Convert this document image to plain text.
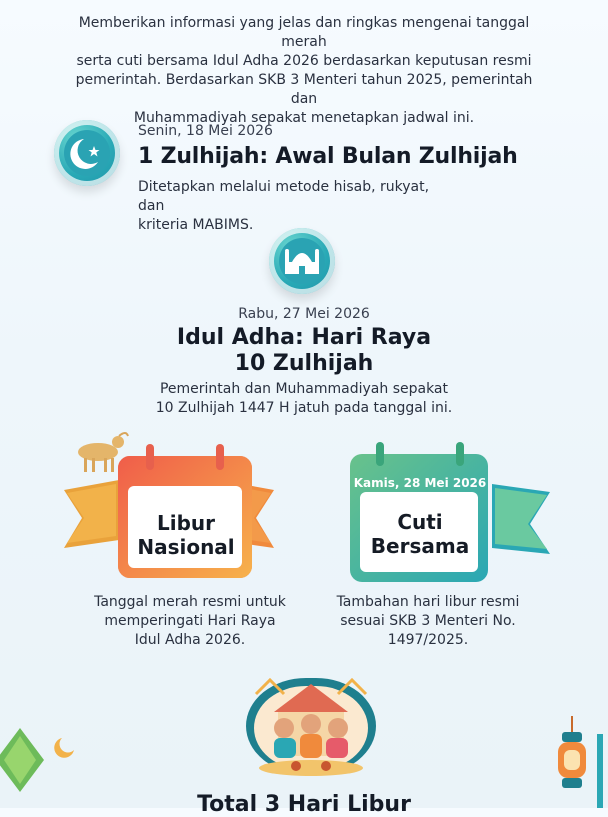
Memberikan informasi yang jelas dan ringkas mengenai tanggal merah
serta cuti bersama Idul Adha 2026 berdasarkan keputusan resmi
pemerintah. Berdasarkan SKB 3 Menteri tahun 2025, pemerintah dan
Muhammadiyah sepakat menetapkan jadwal ini.
Senin, 18 Mei 2026
1 Zulhijah: Awal Bulan Zulhijah
Ditetapkan melalui metode hisab, rukyat, dan
kriteria MABIMS.
Rabu, 27 Mei 2026
Idul Adha: Hari Raya
10 Zulhijah
Pemerintah dan Muhammadiyah sepakat
10 Zulhijah 1447 H jatuh pada tanggal ini.
Libur
Nasional
Tanggal merah resmi untuk
memperingati Hari Raya
Idul Adha 2026.
Kamis, 28 Mei 2026
Cuti
Bersama
Tambahan hari libur resmi
sesuai SKB 3 Menteri No.
1497/2025.
Total 3 Hari Libur
